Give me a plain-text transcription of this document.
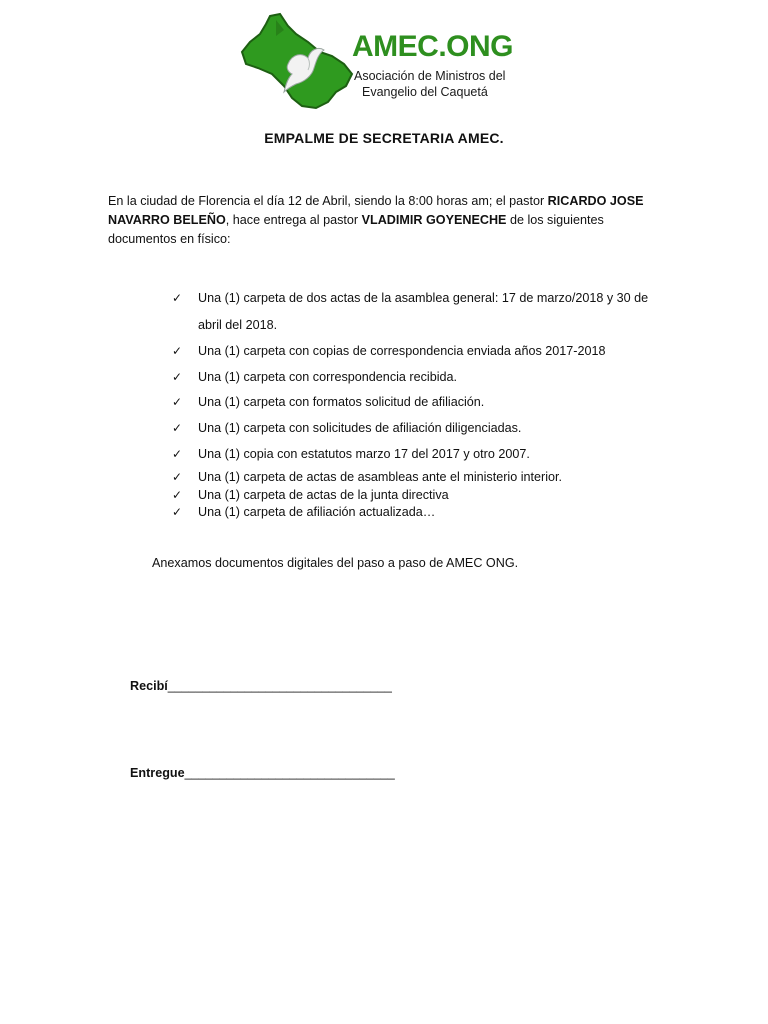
AMEC.ONG
Asociación de Ministros del
Evangelio del Caquetá
EMPALME DE SECRETARIA AMEC.
En la ciudad de Florencia el día 12 de Abril, siendo la 8:00 horas am; el pastor RICARDO JOSE NAVARRO BELEÑO, hace entrega al pastor VLADIMIR GOYENECHE de los siguientes documentos en físico:
✓	Una (1) carpeta de dos actas de la asamblea general: 17 de marzo/2018 y 30 de abril del 2018.
✓	Una (1) carpeta con copias de correspondencia enviada años 2017-2018
✓	Una (1) carpeta con correspondencia recibida.
✓	Una (1) carpeta con formatos solicitud de afiliación.
✓	Una (1) carpeta con solicitudes de afiliación diligenciadas.
✓	Una (1) copia con estatutos marzo 17 del 2017 y otro 2007.
✓	Una (1) carpeta de actas de asambleas ante el ministerio interior.
✓	Una (1) carpeta de actas de la junta directiva
✓	Una (1) carpeta de afiliación actualizada…
Anexamos documentos digitales del paso a paso de AMEC ONG.
Recibí________________________________
Entregue______________________________
